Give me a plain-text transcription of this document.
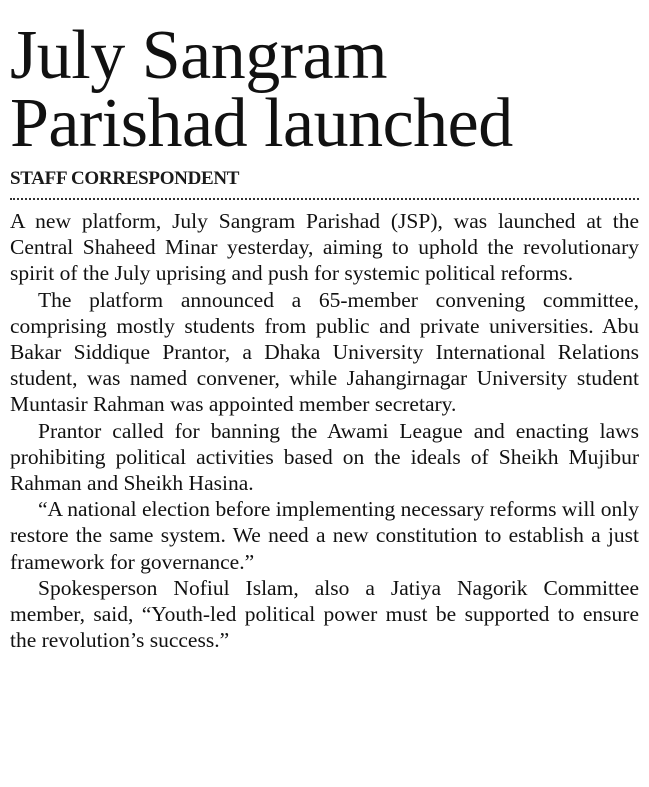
July Sangram
Parishad launched
STAFF CORRESPONDENT

A new platform, July Sangram Parishad (JSP), was launched at the Central Shaheed Minar yesterday, aiming to uphold the revolutionary spirit of the July uprising and push for systemic political reforms.

The platform announced a 65-member convening committee, comprising mostly students from public and private universities. Abu Bakar Siddique Prantor, a Dhaka University International Relations student, was named convener, while Jahangirnagar University student Muntasir Rahman was appointed member secretary.

Prantor called for banning the Awami League and enacting laws prohibiting political activities based on the ideals of Sheikh Mujibur Rahman and Sheikh Hasina.

“A national election before implementing necessary reforms will only restore the same system. We need a new constitution to establish a just framework for governance.”

Spokesperson Nofiul Islam, also a Jatiya Nagorik Committee member, said, “Youth-led political power must be supported to ensure the revolution’s success.”
